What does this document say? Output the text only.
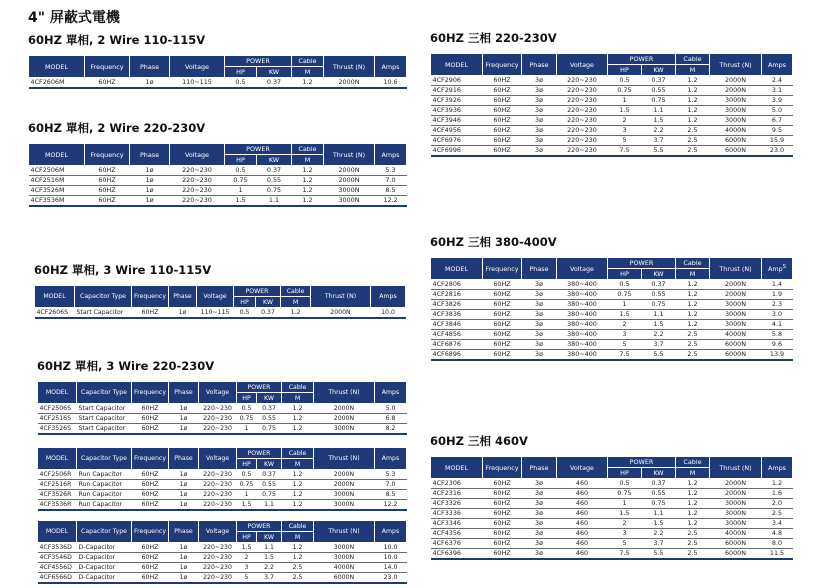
4" 屏蔽式電機
60HZ 單相, 2 Wire 110-115V
MODEL	Frequency	Phase	Voltage	POWER		Cable	Thrust (N)	Amps
				HP	KW	M		
4CF2606M	60HZ	1ø	110~115	0.5	0.37	1.2	2000N	10.6
60HZ 單相, 2 Wire 220-230V
MODEL	Frequency	Phase	Voltage	POWER		Cable	Thrust (N)	Amps
				HP	KW	M		
4CF2506M	60HZ	1ø	220~230	0.5	0.37	1.2	2000N	5.3
4CF2516M	60HZ	1ø	220~230	0.75	0.55	1.2	2000N	7.0
4CF3526M	60HZ	1ø	220~230	1	0.75	1.2	3000N	8.5
4CF3536M	60HZ	1ø	220~230	1.5	1.1	1.2	3000N	12.2
60HZ 單相, 3 Wire 110-115V
MODEL	Capacitor Type	Frequency	Phase	Voltage	POWER		Cable	Thrust (N)	Amps
					HP	KW	M		
4CF2606S	Start Capacitor	60HZ	1ø	110~115	0.5	0.37	1.2	2000N	10.0
60HZ 單相, 3 Wire 220-230V
MODEL	Capacitor Type	Frequency	Phase	Voltage	POWER		Cable	Thrust (N)	Amps
					HP	KW	M		
4CF2506S	Start Capacitor	60HZ	1ø	220~230	0.5	0.37	1.2	2000N	5.0
4CF2516S	Start Capacitor	60HZ	1ø	220~230	0.75	0.55	1.2	2000N	6.8
4CF3526S	Start Capacitor	60HZ	1ø	220~230	1	0.75	1.2	3000N	8.2
MODEL	Capacitor Type	Frequency	Phase	Voltage	POWER		Cable	Thrust (N)	Amps
					HP	KW	M		
4CF2506R	Run Capacitor	60HZ	1ø	220~230	0.5	0.37	1.2	2000N	5.3
4CF2516R	Run Capacitor	60HZ	1ø	220~230	0.75	0.55	1.2	2000N	7.0
4CF3526R	Run Capacitor	60HZ	1ø	220~230	1	0.75	1.2	3000N	8.5
4CF3536R	Run Capacitor	60HZ	1ø	220~230	1.5	1.1	1.2	3000N	12.2
MODEL	Capacitor Type	Frequency	Phase	Voltage	POWER		Cable	Thrust (N)	Amps
					HP	KW	M		
4CF3536D	D-Capacitor	60HZ	1ø	220~230	1.5	1.1	1.2	3000N	10.0
4CF3546D	D-Capacitor	60HZ	1ø	220~230	2	1.5	1.2	3000N	10.0
4CF4556D	D-Capacitor	60HZ	1ø	220~230	3	2.2	2.5	4000N	14.0
4CF6566D	D-Capacitor	60HZ	1ø	220~230	5	3.7	2.5	6000N	23.0
60HZ 三相 220-230V
MODEL	Frequency	Phase	Voltage	POWER		Cable	Thrust (N)	Amps
				HP	KW	M		
4CF2906	60HZ	3ø	220~230	0.5	0.37	1.2	2000N	2.4
4CF2916	60HZ	3ø	220~230	0.75	0.55	1.2	2000N	3.1
4CF3926	60HZ	3ø	220~230	1	0.75	1.2	3000N	3.9
4CF3936	60HZ	3ø	220~230	1.5	1.1	1.2	3000N	5.0
4CF3946	60HZ	3ø	220~230	2	1.5	1.2	3000N	6.7
4CF4956	60HZ	3ø	220~230	3	2.2	2.5	4000N	9.5
4CF6976	60HZ	3ø	220~230	5	3.7	2.5	6000N	15.9
4CF6996	60HZ	3ø	220~230	7.5	5.5	2.5	6000N	23.0
60HZ 三相 380-400V
MODEL	Frequency	Phase	Voltage	POWER		Cable	Thrust (N)	Amp$^S$
				HP	KW	M		
4CF2806	60HZ	3ø	380~400	0.5	0.37	1.2	2000N	1.4
4CF2816	60HZ	3ø	380~400	0.75	0.55	1.2	2000N	1.9
4CF3826	60HZ	3ø	380~400	1	0.75	1.2	3000N	2.3
4CF3836	60HZ	3ø	380~400	1.5	1.1	1.2	3000N	3.0
4CF3846	60HZ	3ø	380~400	2	1.5	1.2	3000N	4.1
4CF4856	60HZ	3ø	380~400	3	2.2	2.5	4000N	5.8
4CF6876	60HZ	3ø	380~400	5	3.7	2.5	6000N	9.6
4CF6896	60HZ	3ø	380~400	7.5	5.5	2.5	6000N	13.9
60HZ 三相 460V
MODEL	Frequency	Phase	Voltage	POWER		Cable	Thrust (N)	Amps
				HP	KW	M		
4CF2306	60HZ	3ø	460	0.5	0.37	1.2	2000N	1.2
4CF2316	60HZ	3ø	460	0.75	0.55	1.2	2000N	1.6
4CF3326	60HZ	3ø	460	1	0.75	1.2	3000N	2.0
4CF3336	60HZ	3ø	460	1.5	1.1	1.2	3000N	2.5
4CF3346	60HZ	3ø	460	2	1.5	1.2	3000N	3.4
4CF4356	60HZ	3ø	460	3	2.2	2.5	4000N	4.8
4CF6376	60HZ	3ø	460	5	3.7	2.5	6000N	8.0
4CF6396	60HZ	3ø	460	7.5	5.5	2.5	6000N	11.5
